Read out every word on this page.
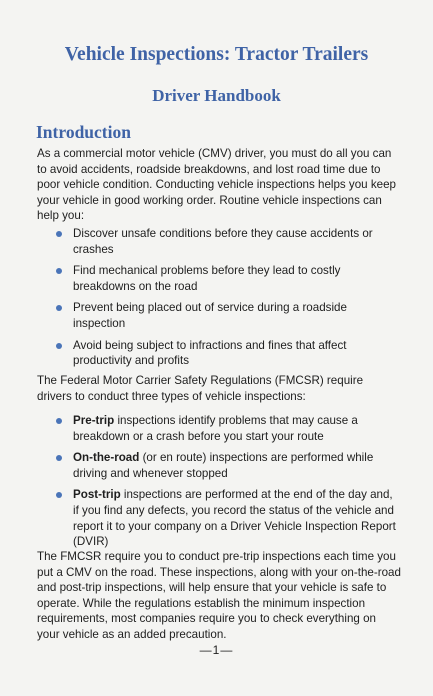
Vehicle Inspections: Tractor Trailers
Driver Handbook
Introduction

As a commercial motor vehicle (CMV) driver, you must do all you can to avoid accidents, roadside breakdowns, and lost road time due to poor vehicle condition. Conducting vehicle inspections helps you keep your vehicle in good working order. Routine vehicle inspections can help you:

Discover unsafe conditions before they cause accidents or crashes
Find mechanical problems before they lead to costly breakdowns on the road
Prevent being placed out of service during a roadside inspection
Avoid being subject to infractions and fines that affect productivity and profits

The Federal Motor Carrier Safety Regulations (FMCSR) require drivers to conduct three types of vehicle inspections:

Pre-trip inspections identify problems that may cause a breakdown or a crash before you start your route
On-the-road (or en route) inspections are performed while driving and whenever stopped
Post-trip inspections are performed at the end of the day and, if you find any defects, you record the status of the vehicle and report it to your company on a Driver Vehicle Inspection Report (DVIR)

The FMCSR require you to conduct pre-trip inspections each time you put a CMV on the road. These inspections, along with your on-the-road and post-trip inspections, will help ensure that your vehicle is safe to operate. While the regulations establish the minimum inspection requirements, most companies require you to check everything on your vehicle as an added precaution.

—1—
